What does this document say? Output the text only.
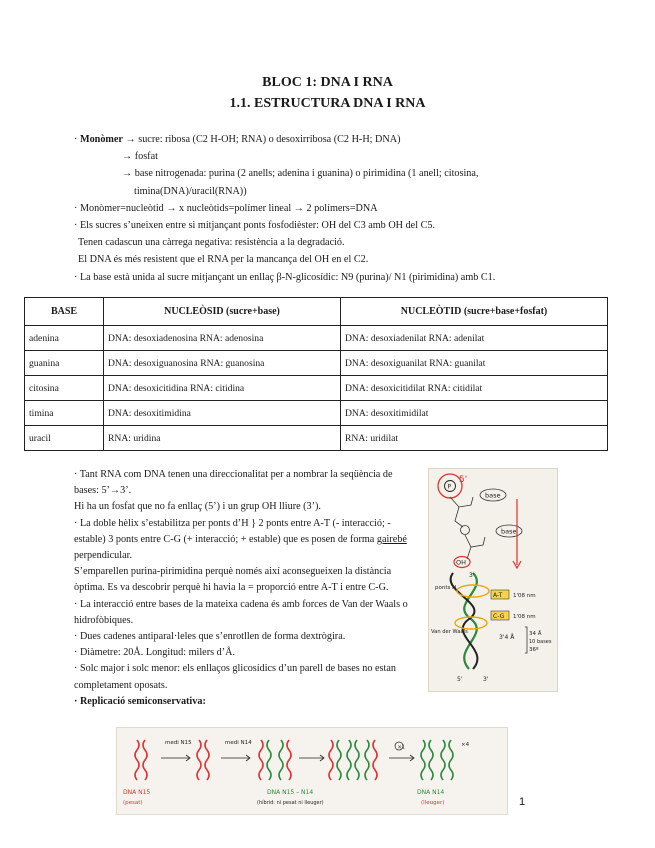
BLOC 1: DNA I RNA
1.1. ESTRUCTURA DNA I RNA
· Monòmer → sucre: ribosa (C2 H-OH; RNA) o desoxirribosa (C2 H-H; DNA)
→ fosfat
→ base nitrogenada: purina (2 anells; adenina i guanina) o pirimidina (1 anell; citosina,
timina(DNA)/uracil(RNA))
· Monòmer=nucleòtid → x nucleòtids=polímer lineal → 2 polímers=DNA
· Els sucres s’uneixen entre si mitjançant ponts fosfodièster: OH del C3 amb OH del C5.
Tenen cadascun una càrrega negativa: resistència a la degradació.
El DNA és més resistent que el RNA per la mancança del OH en el C2.
· La base està unida al sucre mitjançant un enllaç β-N-glicosídic: N9 (purina)/ N1 (pirimidina) amb C1.
BASE	NUCLEÒSID (sucre+base)	NUCLEÒTID (sucre+base+fosfat)
adenina	DNA: desoxiadenosina RNA: adenosina	DNA: desoxiadenilat RNA: adenilat
guanina	DNA: desoxiguanosina RNA: guanosina	DNA: desoxiguanilat RNA: guanilat
citosina	DNA: desoxicitidina RNA: citidina	DNA: desoxicitidilat RNA: citidilat
timina	DNA: desoxitimidina	DNA: desoxitimidilat
uracil	RNA: uridina	RNA: uridilat
· Tant RNA com DNA tenen una direccionalitat per a nombrar la seqüència de
bases: 5’→3’.
Hi ha un fosfat que no fa enllaç (5’) i un grup OH lliure (3’).
· La doble hèlix s’estabilitza per ponts d’H } 2 ponts entre A-T (- interacció; -
estable) 3 ponts entre C-G (+ interacció; + estable) que es posen de forma gairebé
perpendicular.
S’emparellen purina-pirimidina perquè només així aconsegueixen la distància
òptima. Es va descobrir perquè hi havia la = proporció entre A-T i entre C-G.
· La interacció entre bases de la mateixa cadena és amb forces de Van der Waals o
hidrofòbiques.
· Dues cadenes antiparal·leles que s’enrotllen de forma dextrògira.
· Diàmetre: 20Å. Longitud: milers d’Å.
· Solc major i solc menor: els enllaços glicosídics d’un parell de bases no estan
completament oposats.
· Replicació semiconservativa:
5'
P
base
base
OH
3'
ponts H
A-T 1'08 nm
C-G 1'08 nm
Van der Waals
3'4 Å	34 Å
10 bases
36º
5'	3'
DNA N15
(pesat)
medi N15	medi N14
DNA N15 – N14
(híbrid: ni pesat ni lleuger)
×1	×4
DNA N14
(lleuger)	1
